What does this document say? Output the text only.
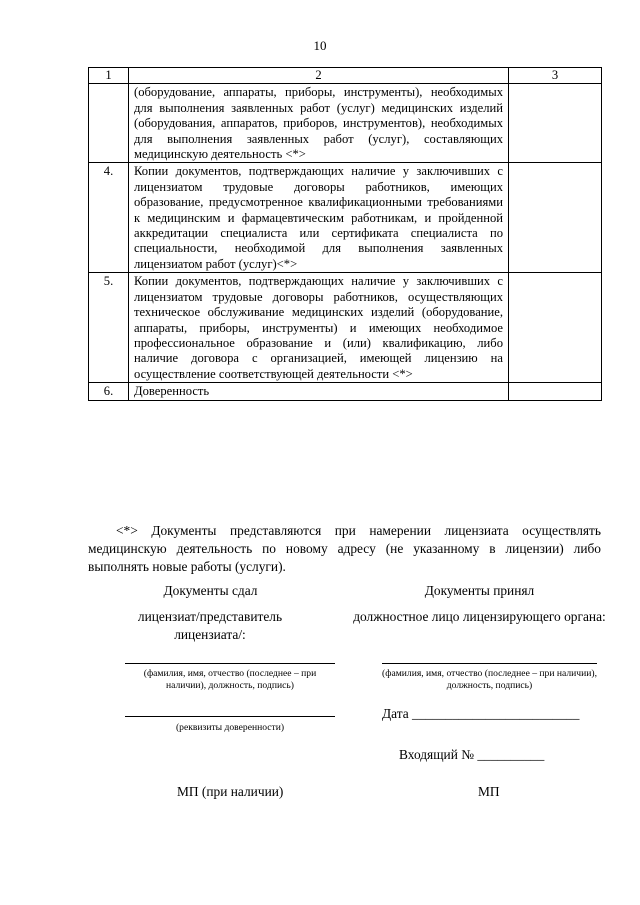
10
1	2	3
	(оборудование, аппараты, приборы, инструменты), необходимых для выполнения заявленных работ (услуг) медицинских изделий (оборудования, аппаратов, приборов, инструментов), необходимых для выполнения заявленных работ (услуг), составляющих медицинскую деятельность <*>	
4.	Копии документов, подтверждающих наличие у заключивших с лицензиатом трудовые договоры работников, имеющих образование, предусмотренное квалификационными требованиями к медицинским и фармацевтическим работникам, и пройденной аккредитации специалиста или сертификата специалиста по специальности, необходимой для выполнения заявленных лицензиатом работ (услуг)<*>	
5.	Копии документов, подтверждающих наличие у заключивших с лицензиатом трудовые договоры работников, осуществляющих техническое обслуживание медицинских изделий (оборудование, аппараты, приборы, инструменты) и имеющих необходимое профессиональное образование и (или) квалификацию, либо наличие договора с организацией, имеющей лицензию на осуществление соответствующей деятельности <*>	
6.	Доверенность	
<*> Документы представляются при намерении лицензиата осуществлять медицинскую деятельность по новому адресу (не указанному в лицензии) либо выполнять новые работы (услуги).
Документы сдал
лицензиат/представитель лицензиата/:
(фамилия, имя, отчество (последнее – при наличии), должность, подпись)
(реквизиты доверенности)
МП (при наличии)
Документы принял
должностное лицо лицензирующего органа:
(фамилия, имя, отчество (последнее – при наличии), должность, подпись)
Дата _________________________
Входящий № __________
МП
